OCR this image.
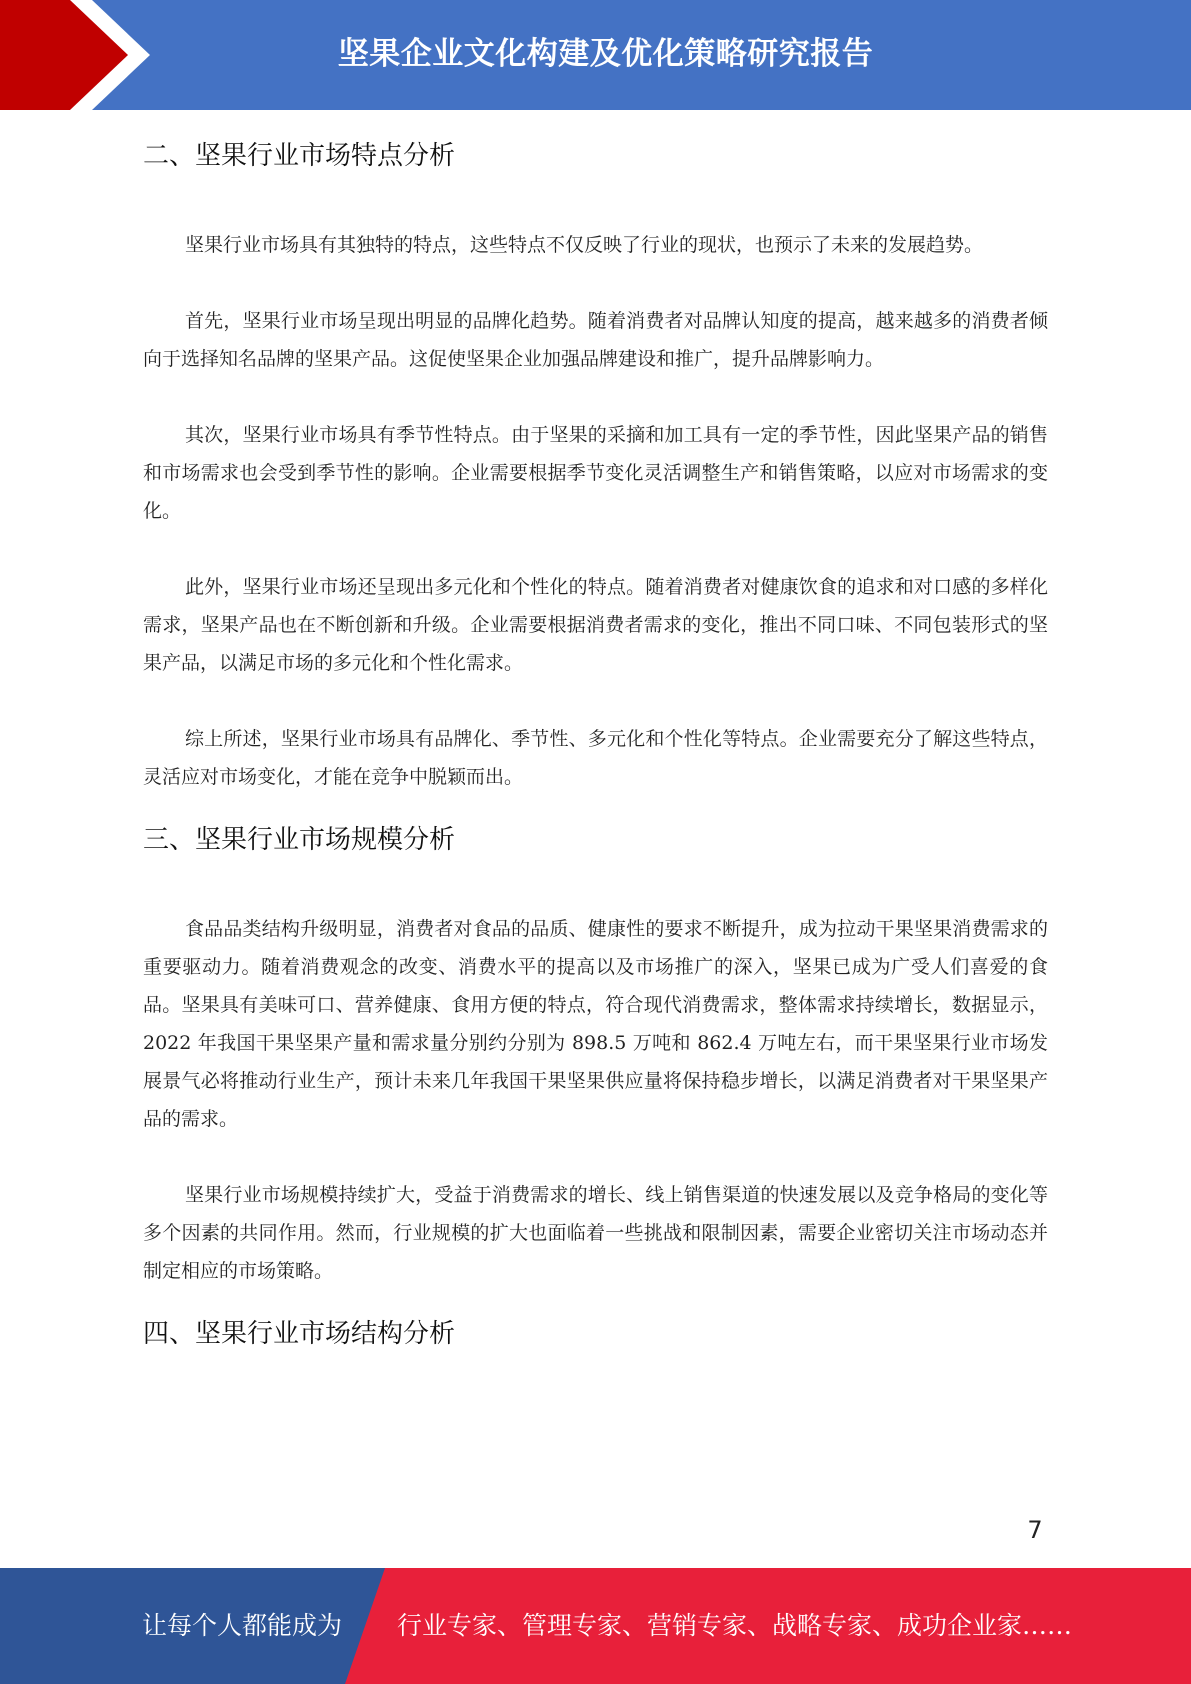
坚果企业文化构建及优化策略研究报告
二、坚果行业市场特点分析

坚果行业市场具有其独特的特点，这些特点不仅反映了行业的现状，也预示了未来的发展趋势。

首先，坚果行业市场呈现出明显的品牌化趋势。随着消费者对品牌认知度的提高，越来越多的消费者倾向于选择知名品牌的坚果产品。这促使坚果企业加强品牌建设和推广，提升品牌影响力。

其次，坚果行业市场具有季节性特点。由于坚果的采摘和加工具有一定的季节性，因此坚果产品的销售和市场需求也会受到季节性的影响。企业需要根据季节变化灵活调整生产和销售策略，以应对市场需求的变化。

此外，坚果行业市场还呈现出多元化和个性化的特点。随着消费者对健康饮食的追求和对口感的多样化需求，坚果产品也在不断创新和升级。企业需要根据消费者需求的变化，推出不同口味、不同包装形式的坚果产品，以满足市场的多元化和个性化需求。

综上所述，坚果行业市场具有品牌化、季节性、多元化和个性化等特点。企业需要充分了解这些特点，灵活应对市场变化，才能在竞争中脱颖而出。

三、坚果行业市场规模分析

食品品类结构升级明显，消费者对食品的品质、健康性的要求不断提升，成为拉动干果坚果消费需求的重要驱动力。随着消费观念的改变、消费水平的提高以及市场推广的深入，坚果已成为广受人们喜爱的食品。坚果具有美味可口、营养健康、食用方便的特点，符合现代消费需求，整体需求持续增长，数据显示，2022 年我国干果坚果产量和需求量分别约分别为 898.5 万吨和 862.4 万吨左右，而干果坚果行业市场发展景气必将推动行业生产，预计未来几年我国干果坚果供应量将保持稳步增长，以满足消费者对干果坚果产品的需求。

坚果行业市场规模持续扩大，受益于消费需求的增长、线上销售渠道的快速发展以及竞争格局的变化等多个因素的共同作用。然而，行业规模的扩大也面临着一些挑战和限制因素，需要企业密切关注市场动态并制定相应的市场策略。

四、坚果行业市场结构分析
7
让每个人都能成为 行业专家、管理专家、营销专家、战略专家、成功企业家……
